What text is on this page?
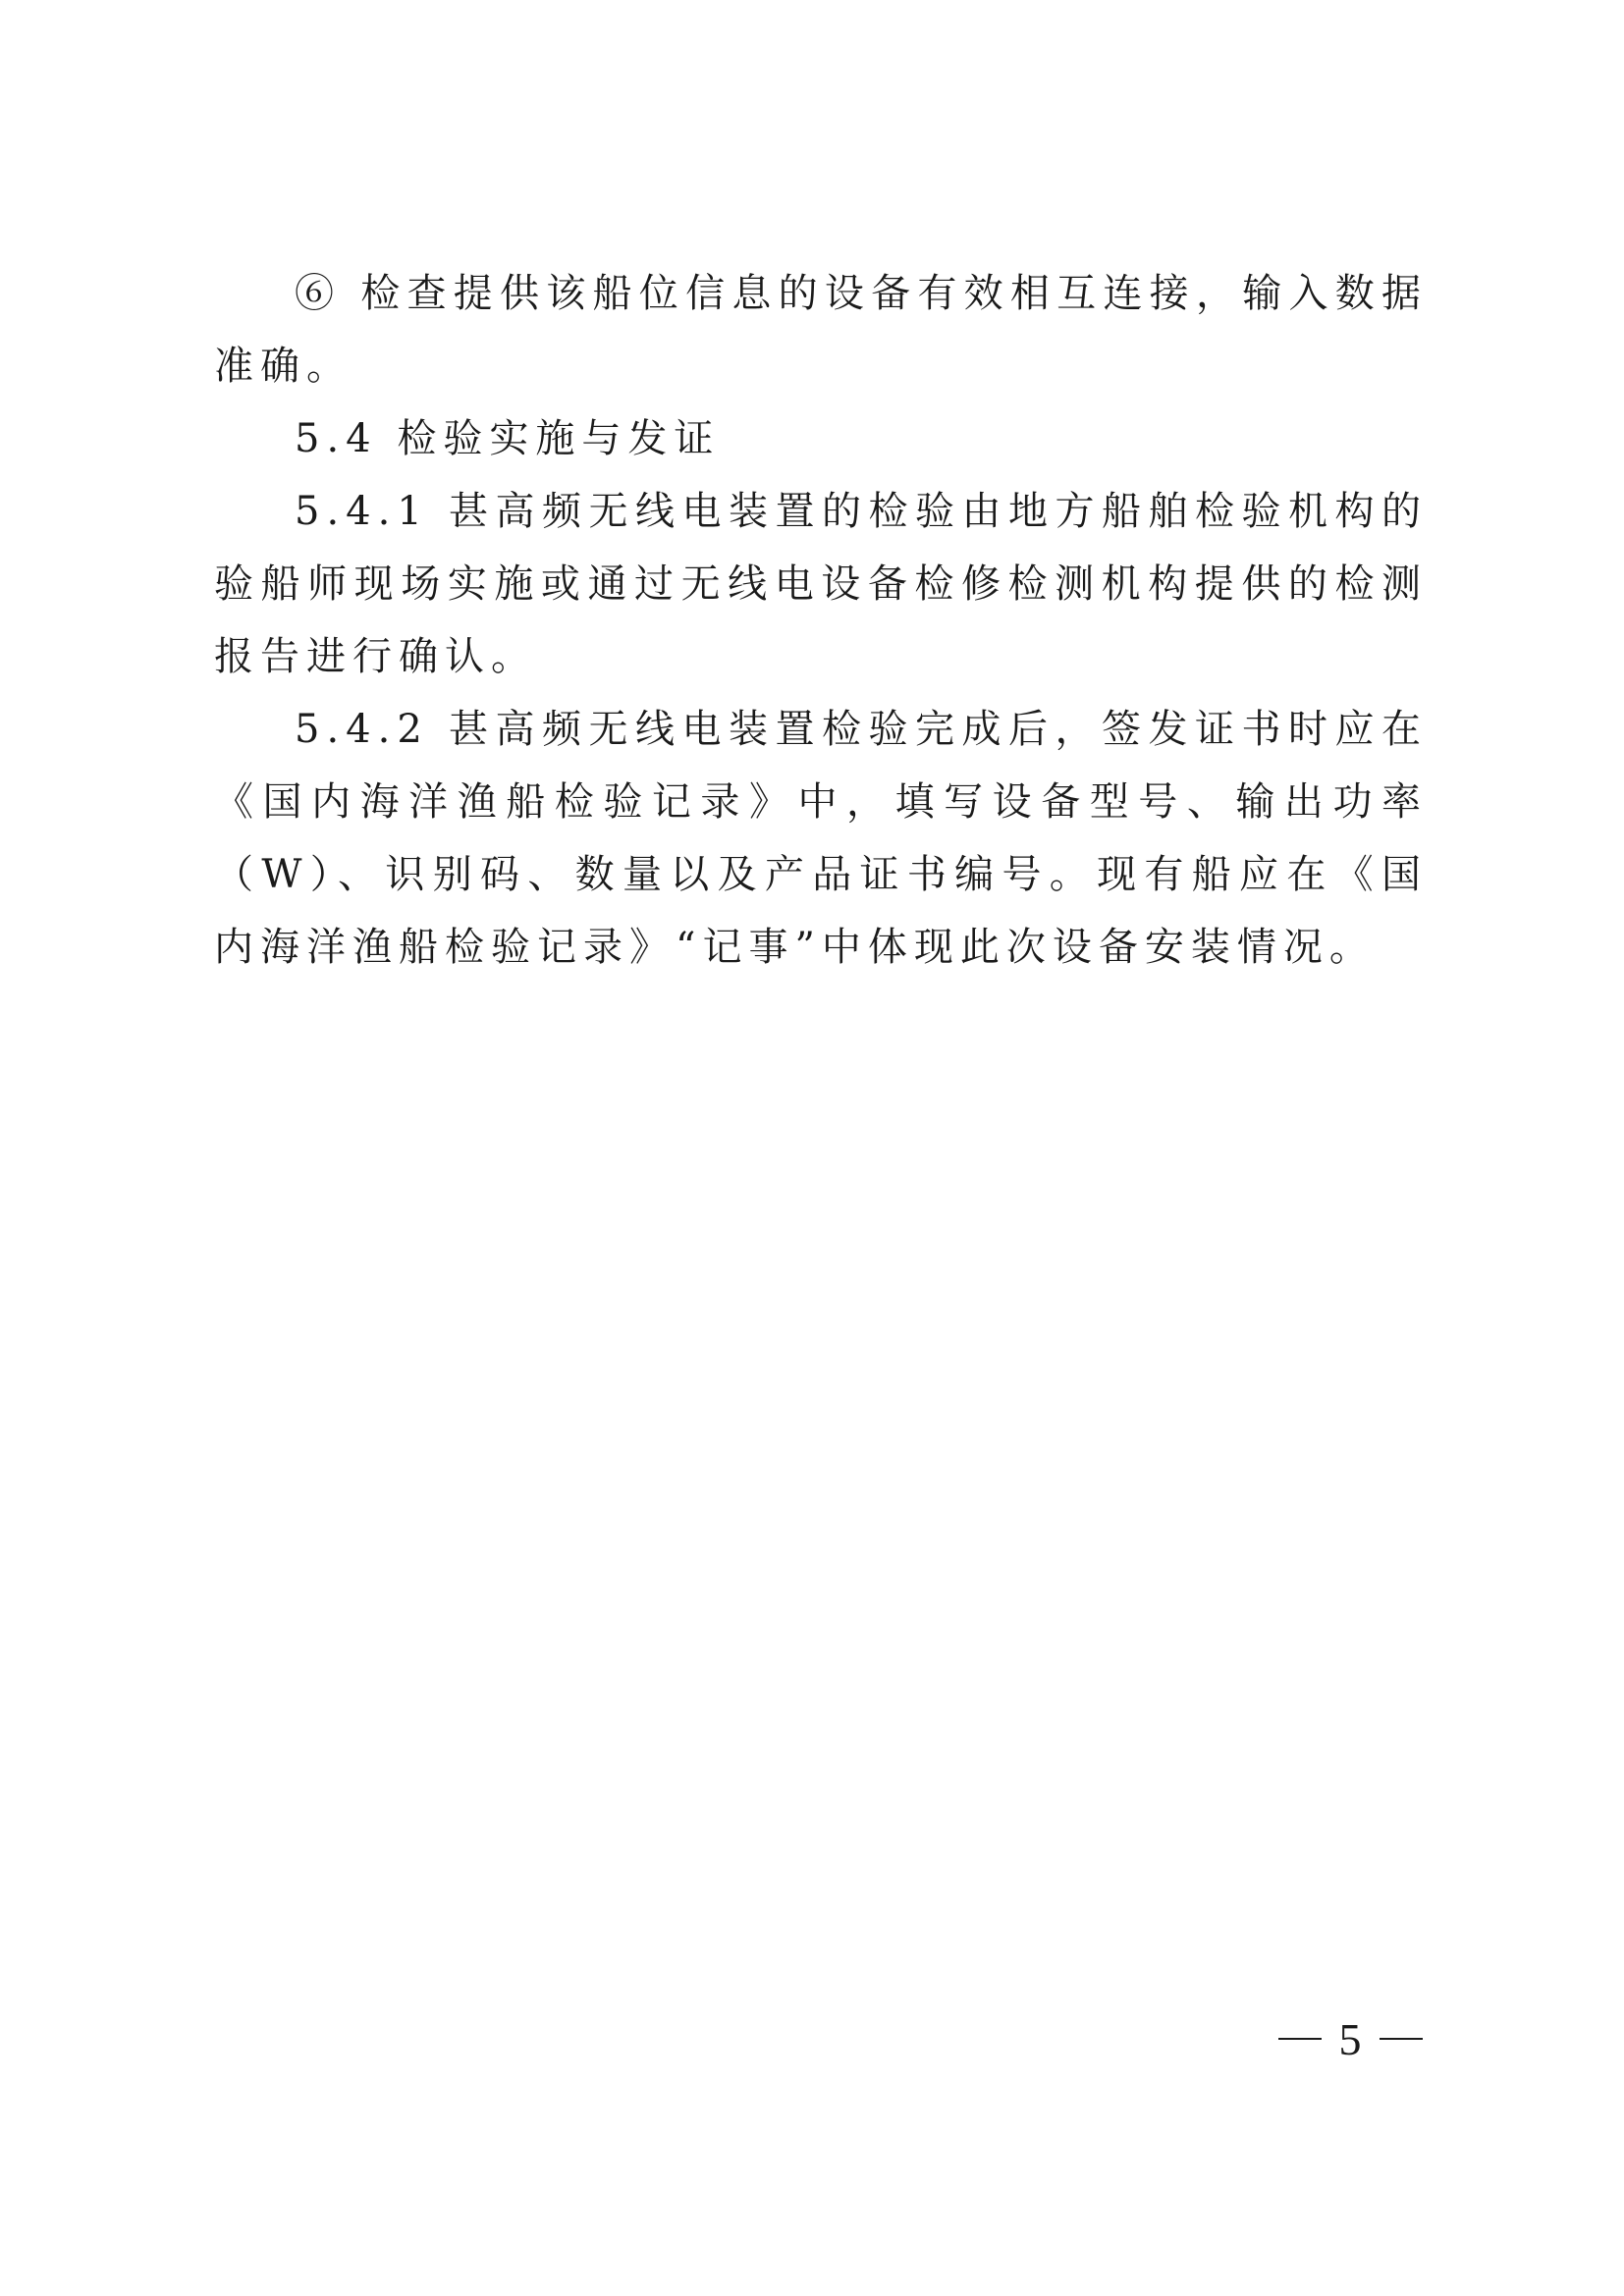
⑥ 检查提供该船位信息的设备有效相互连接，输入数据准确。

5.4 检验实施与发证

5.4.1 甚高频无线电装置的检验由地方船舶检验机构的验船师现场实施或通过无线电设备检修检测机构提供的检测报告进行确认。

5.4.2 甚高频无线电装置检验完成后，签发证书时应在《国内海洋渔船检验记录》中，填写设备型号、输出功率（W）、识别码、数量以及产品证书编号。现有船应在《国内海洋渔船检验记录》“记事”中体现此次设备安装情况。

5
